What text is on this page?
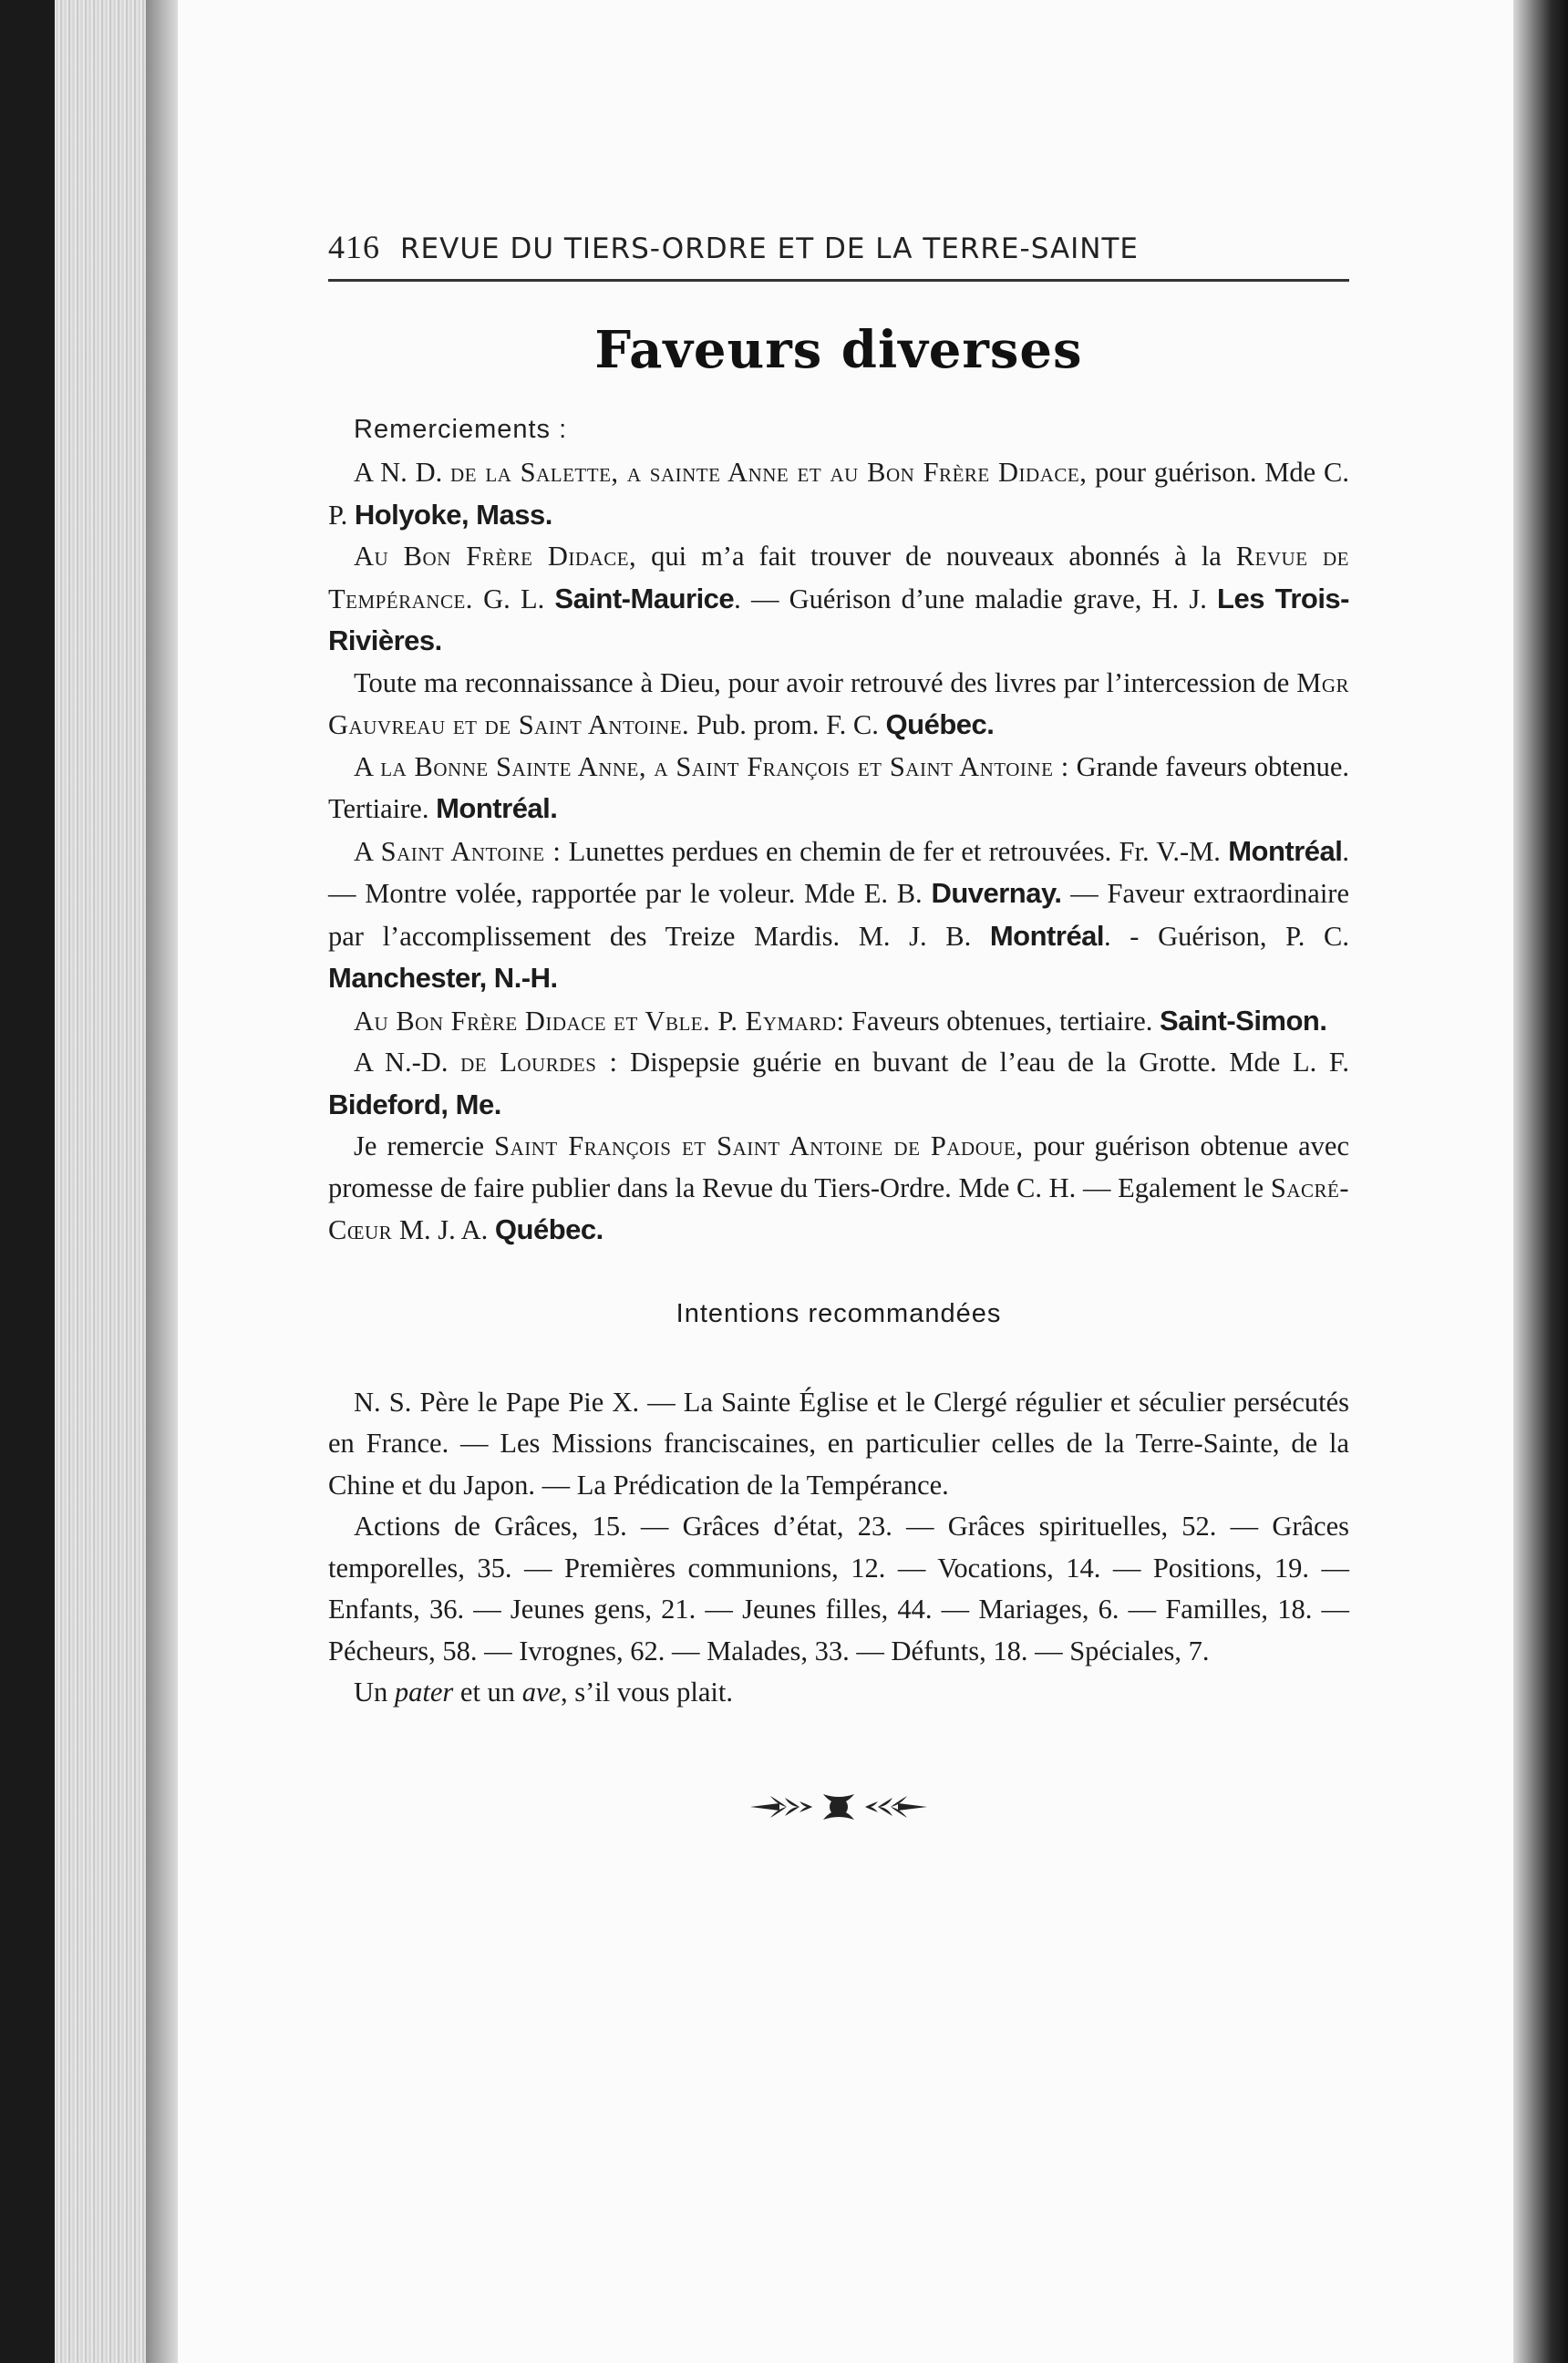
416 REVUE DU TIERS-ORDRE ET DE LA TERRE-SAINTE
Faveurs diverses
Remerciements :

A N. D. de la Salette, a sainte Anne et au Bon Frère Didace, pour guérison. Mde C. P. Holyoke, Mass.

Au Bon Frère Didace, qui m’a fait trouver de nouveaux abonnés à la Revue de Tempérance. G. L. Saint-Maurice. — Guérison d’une maladie grave, H. J. Les Trois-Rivières.

Toute ma reconnaissance à Dieu, pour avoir retrouvé des livres par l’intercession de Mgr Gauvreau et de Saint Antoine. Pub. prom. F. C. Québec.

A la Bonne Sainte Anne, a Saint François et Saint Antoine : Grande faveurs obtenue. Tertiaire. Montréal.

A Saint Antoine : Lunettes perdues en chemin de fer et retrouvées. Fr. V.-M. Montréal. — Montre volée, rapportée par le voleur. Mde E. B. Duvernay. — Faveur extraordinaire par l’accomplissement des Treize Mardis. M. J. B. Montréal. - Guérison, P. C. Manchester, N.-H.

Au Bon Frère Didace et Vble. P. Eymard: Faveurs obtenues, tertiaire. Saint-Simon.

A N.-D. de Lourdes : Dispepsie guérie en buvant de l’eau de la Grotte. Mde L. F. Bideford, Me.

Je remercie Saint François et Saint Antoine de Padoue, pour guérison obtenue avec promesse de faire publier dans la Revue du Tiers-Ordre. Mde C. H. — Egalement le Sacré-Cœur M. J. A. Québec.

Intentions recommandées

N. S. Père le Pape Pie X. — La Sainte Église et le Clergé régulier et séculier persécutés en France. — Les Missions franciscaines, en particulier celles de la Terre-Sainte, de la Chine et du Japon. — La Prédication de la Tempérance.

Actions de Grâces, 15. — Grâces d’état, 23. — Grâces spirituelles, 52. — Grâces temporelles, 35. — Premières communions, 12. — Vocations, 14. — Positions, 19. — Enfants, 36. — Jeunes gens, 21. — Jeunes filles, 44. — Mariages, 6. — Familles, 18. — Pécheurs, 58. — Ivrognes, 62. — Malades, 33. — Défunts, 18. — Spéciales, 7.

Un pater et un ave, s’il vous plait.
